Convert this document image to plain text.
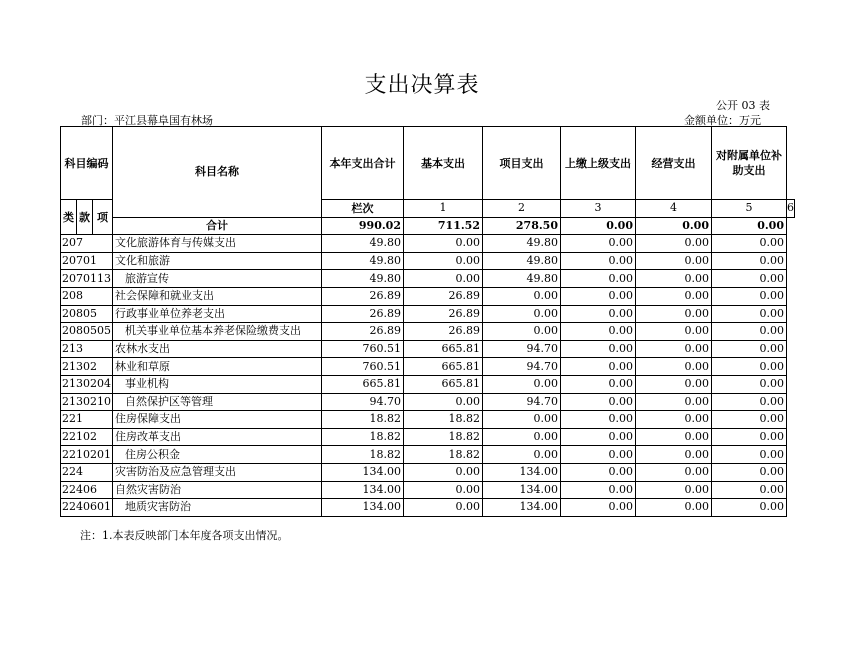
支出决算表
公开 03 表
部门：平江县幕阜国有林场	金额单位：万元
科目编码			科目名称	本年支出合计	基本支出	项目支出	上缴上级支出	经营支出	对附属单位补助支出	
类	款	项		栏次	1	2	3	4	5	6
			合计	990.02	711.52	278.50	0.00	0.00	0.00	
207			文化旅游体育与传媒支出	49.80	0.00	49.80	0.00	0.00	0.00	
20701			文化和旅游	49.80	0.00	49.80	0.00	0.00	0.00	
2070113			旅游宣传	49.80	0.00	49.80	0.00	0.00	0.00	
208			社会保障和就业支出	26.89	26.89	0.00	0.00	0.00	0.00	
20805			行政事业单位养老支出	26.89	26.89	0.00	0.00	0.00	0.00	
2080505			机关事业单位基本养老保险缴费支出	26.89	26.89	0.00	0.00	0.00	0.00	
213			农林水支出	760.51	665.81	94.70	0.00	0.00	0.00	
21302			林业和草原	760.51	665.81	94.70	0.00	0.00	0.00	
2130204			事业机构	665.81	665.81	0.00	0.00	0.00	0.00	
2130210			自然保护区等管理	94.70	0.00	94.70	0.00	0.00	0.00	
221			住房保障支出	18.82	18.82	0.00	0.00	0.00	0.00	
22102			住房改革支出	18.82	18.82	0.00	0.00	0.00	0.00	
2210201			住房公积金	18.82	18.82	0.00	0.00	0.00	0.00	
224			灾害防治及应急管理支出	134.00	0.00	134.00	0.00	0.00	0.00	
22406			自然灾害防治	134.00	0.00	134.00	0.00	0.00	0.00	
2240601			地质灾害防治	134.00	0.00	134.00	0.00	0.00	0.00	
注：1.本表反映部门本年度各项支出情况。
